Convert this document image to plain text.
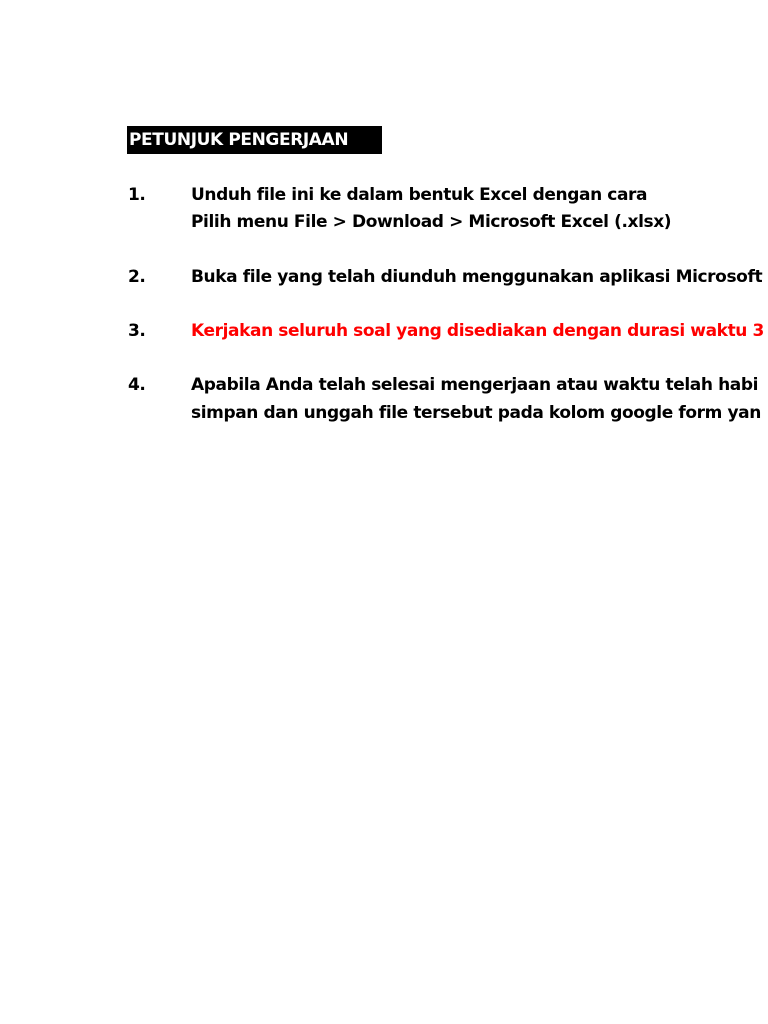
PETUNJUK PENGERJAAN
1.	Unduh file ini ke dalam bentuk Excel dengan cara
Pilih menu File > Download > Microsoft Excel (.xlsx)
2.	Buka file yang telah diunduh menggunakan aplikasi Microsoft
3.	Kerjakan seluruh soal yang disediakan dengan durasi waktu 3
4.	Apabila Anda telah selesai mengerjaan atau waktu telah habi
simpan dan unggah file tersebut pada kolom google form yan
